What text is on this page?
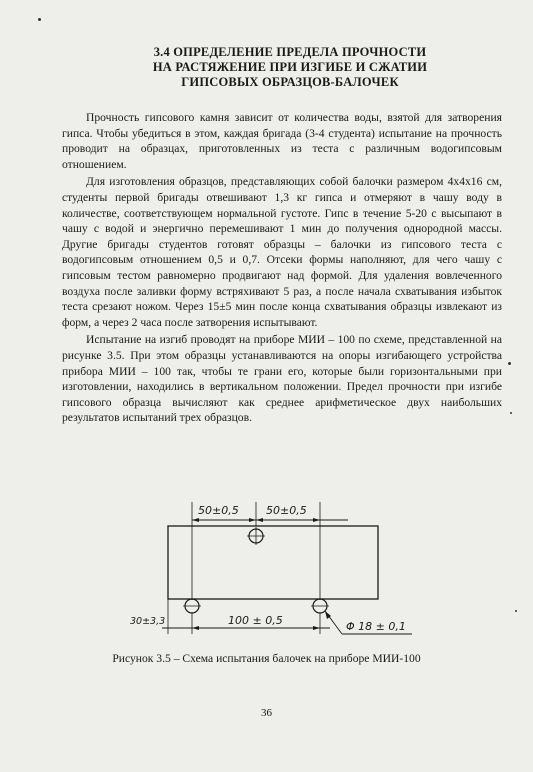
3.4 ОПРЕДЕЛЕНИЕ ПРЕДЕЛА ПРОЧНОСТИ
НА РАСТЯЖЕНИЕ ПРИ ИЗГИБЕ И СЖАТИИ
ГИПСОВЫХ ОБРАЗЦОВ-БАЛОЧЕК

Прочность гипсового камня зависит от количества воды, взятой для затворения гипса. Чтобы убедиться в этом, каждая бригада (3-4 студента) испытание на прочность проводит на образцах, приготовленных из теста с различным водогипсовым отношением.

Для изготовления образцов, представляющих собой балочки размером 4х4х16 см, студенты первой бригады отвешивают 1,3 кг гипса и отмеряют в чашу воду в количестве, соответствующем нормальной густоте. Гипс в течение 5-20 с высыпают в чашу с водой и энергично перемешивают 1 мин до получения однородной массы. Другие бригады студентов готовят образцы – балочки из гипсового теста с водогипсовым отношением 0,5 и 0,7. Отсеки формы наполняют, для чего чашу с гипсовым тестом равномерно продвигают над формой. Для удаления вовлеченного воздуха после заливки форму встряхивают 5 раз, а после начала схватывания избыток теста срезают ножом. Через 15±5 мин после конца схватывания образцы извлекают из форм, а через 2 часа после затворения испытывают.

Испытание на изгиб проводят на приборе МИИ – 100 по схеме, представленной на рисунке 3.5. При этом образцы устанавливаются на опоры изгибающего устройства прибора МИИ – 100 так, чтобы те грани его, которые были горизонтальными при изготовлении, находились в вертикальном положении. Предел прочности при изгибе гипсового образца вычисляют как среднее арифметическое двух наибольших результатов испытаний трех образцов.

50±0,5 50±0,5
30±3,3	100 ± 0,5	Φ 18 ± 0,1
Рисунок 3.5 – Схема испытания балочек на приборе МИИ-100
36
